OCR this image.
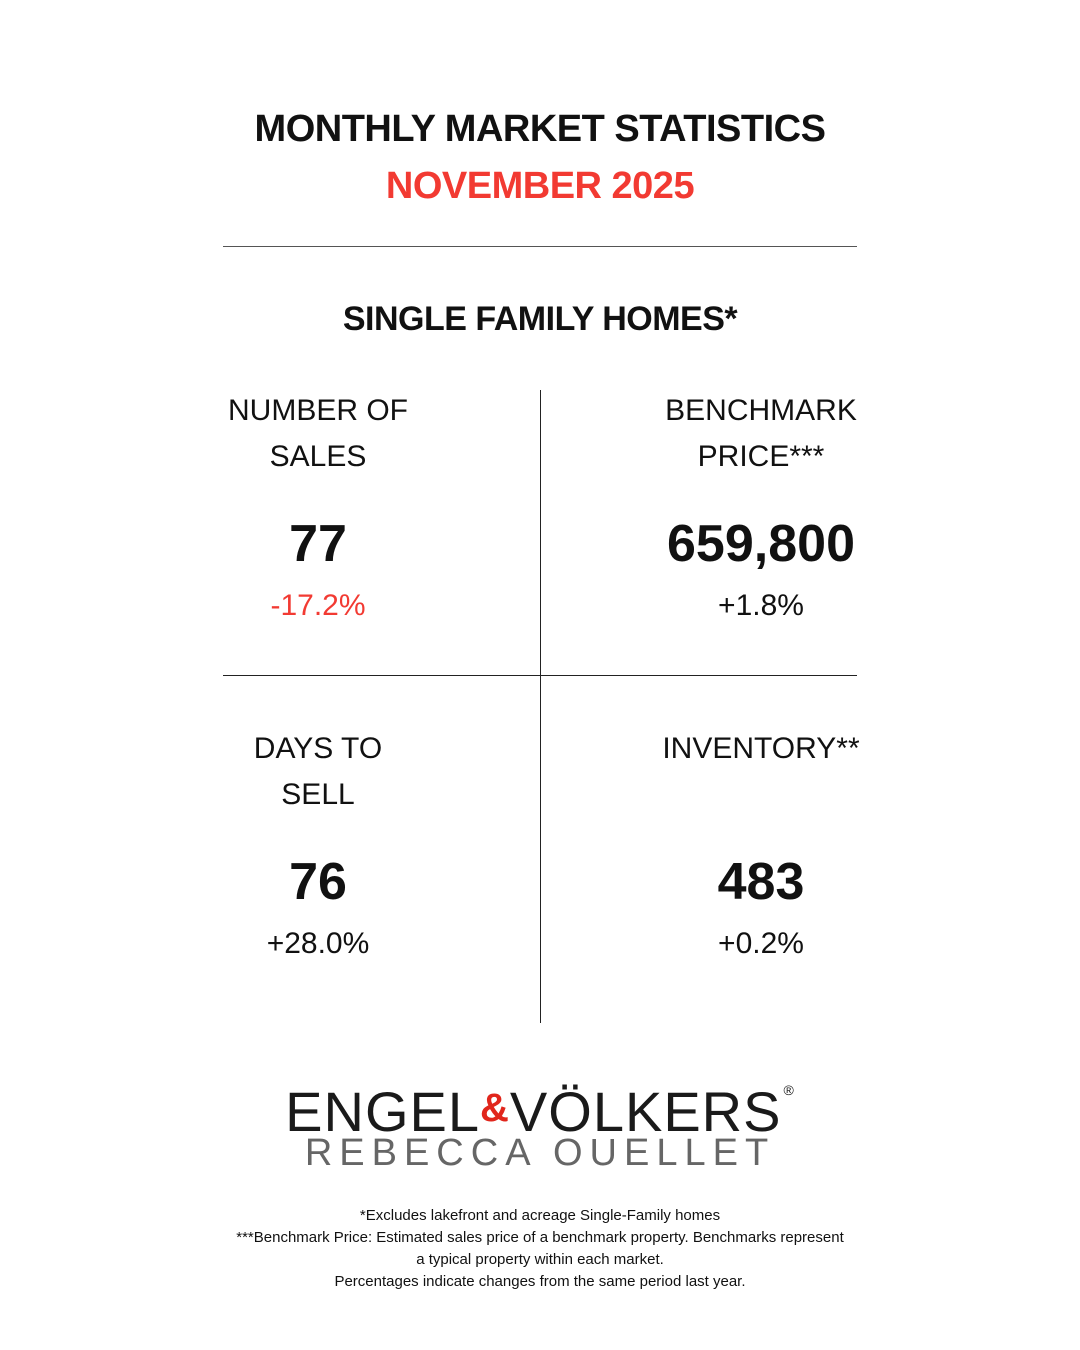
MONTHLY MARKET STATISTICS
NOVEMBER 2025
SINGLE FAMILY HOMES*
NUMBER OF
SALES
77
-17.2%
BENCHMARK
PRICE***
659,800
+1.8%
DAYS TO
SELL
76
+28.0%
INVENTORY**
483
+0.2%
ENGEL&VÖLKERS ®
REBECCA OUELLET
*Excludes lakefront and acreage Single-Family homes
***Benchmark Price: Estimated sales price of a benchmark property. Benchmarks represent
a typical property within each market.
Percentages indicate changes from the same period last year.
